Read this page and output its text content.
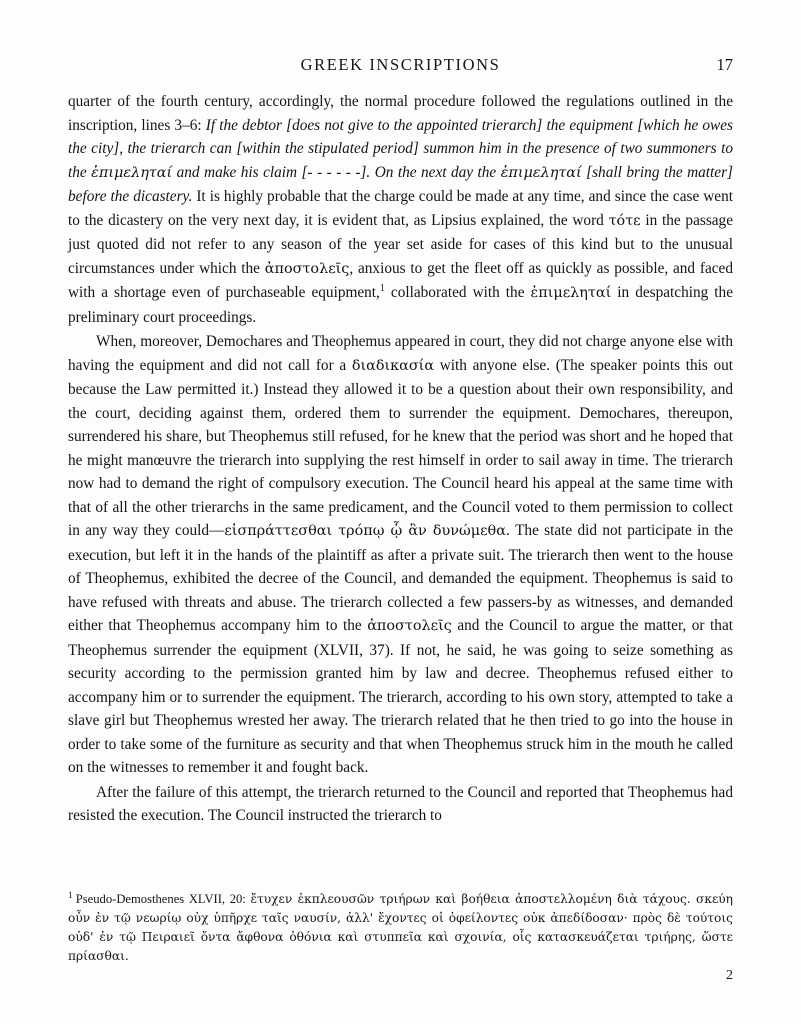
GREEK INSCRIPTIONS	17

quarter of the fourth century, accordingly, the normal procedure followed the regulations outlined in the inscription, lines 3–6: If the debtor [does not give to the appointed trierarch] the equipment [which he owes the city], the trierarch can [within the stipulated period] summon him in the presence of two summoners to the ἐπιμεληταί and make his claim [- - - - - -]. On the next day the ἐπιμεληταί [shall bring the matter] before the dicastery. It is highly probable that the charge could be made at any time, and since the case went to the dicastery on the very next day, it is evident that, as Lipsius explained, the word τότε in the passage just quoted did not refer to any season of the year set aside for cases of this kind but to the unusual circumstances under which the ἀποστολεῖς, anxious to get the fleet off as quickly as possible, and faced with a shortage even of purchaseable equipment,$^1$ collaborated with the ἐπιμεληταί in despatching the preliminary court proceedings.

When, moreover, Demochares and Theophemus appeared in court, they did not charge anyone else with having the equipment and did not call for a διαδικασία with anyone else. (The speaker points this out because the Law permitted it.) Instead they allowed it to be a question about their own responsibility, and the court, deciding against them, ordered them to surrender the equipment. Demochares, thereupon, surrendered his share, but Theophemus still refused, for he knew that the period was short and he hoped that he might manœuvre the trierarch into supplying the rest himself in order to sail away in time. The trierarch now had to demand the right of compulsory execution. The Council heard his appeal at the same time with that of all the other trierarchs in the same predicament, and the Council voted to them permission to collect in any way they could—εἰσπράττεσθαι τρόπῳ ᾧ ἂν δυνώμεθα. The state did not participate in the execution, but left it in the hands of the plaintiff as after a private suit. The trierarch then went to the house of Theophemus, exhibited the decree of the Council, and demanded the equipment. Theophemus is said to have refused with threats and abuse. The trierarch collected a few passers-by as witnesses, and demanded either that Theophemus accompany him to the ἀποστολεῖς and the Council to argue the matter, or that Theophemus surrender the equipment (XLVII, 37). If not, he said, he was going to seize something as security according to the permission granted him by law and decree. Theophemus refused either to accompany him or to surrender the equipment. The trierarch, according to his own story, attempted to take a slave girl but Theophemus wrested her away. The trierarch related that he then tried to go into the house in order to take some of the furniture as security and that when Theophemus struck him in the mouth he called on the witnesses to remember it and fought back.

After the failure of this attempt, the trierarch returned to the Council and reported that Theophemus had resisted the execution. The Council instructed the trierarch to

$^1$ Pseudo-Demosthenes XLVII, 20: ἔτυχεν ἐκπλεουσῶν τριήρων καὶ βοήθεια ἀποστελλομένη διὰ τάχους. σκεύη οὖν ἐν τῷ νεωρίῳ οὐχ ὑπῆρχε ταῖς ναυσίν, ἀλλ' ἔχοντες οἱ ὀφείλοντες οὐκ ἀπεδίδοσαν· πρὸς δὲ τούτοις οὐδ' ἐν τῷ Πειραιεῖ ὄντα ἄφθονα ὀθόνια καὶ στυππεῖα καὶ σχοινία, οἷς κατασκευάζεται τριήρης, ὥστε πρίασθαι.
2
